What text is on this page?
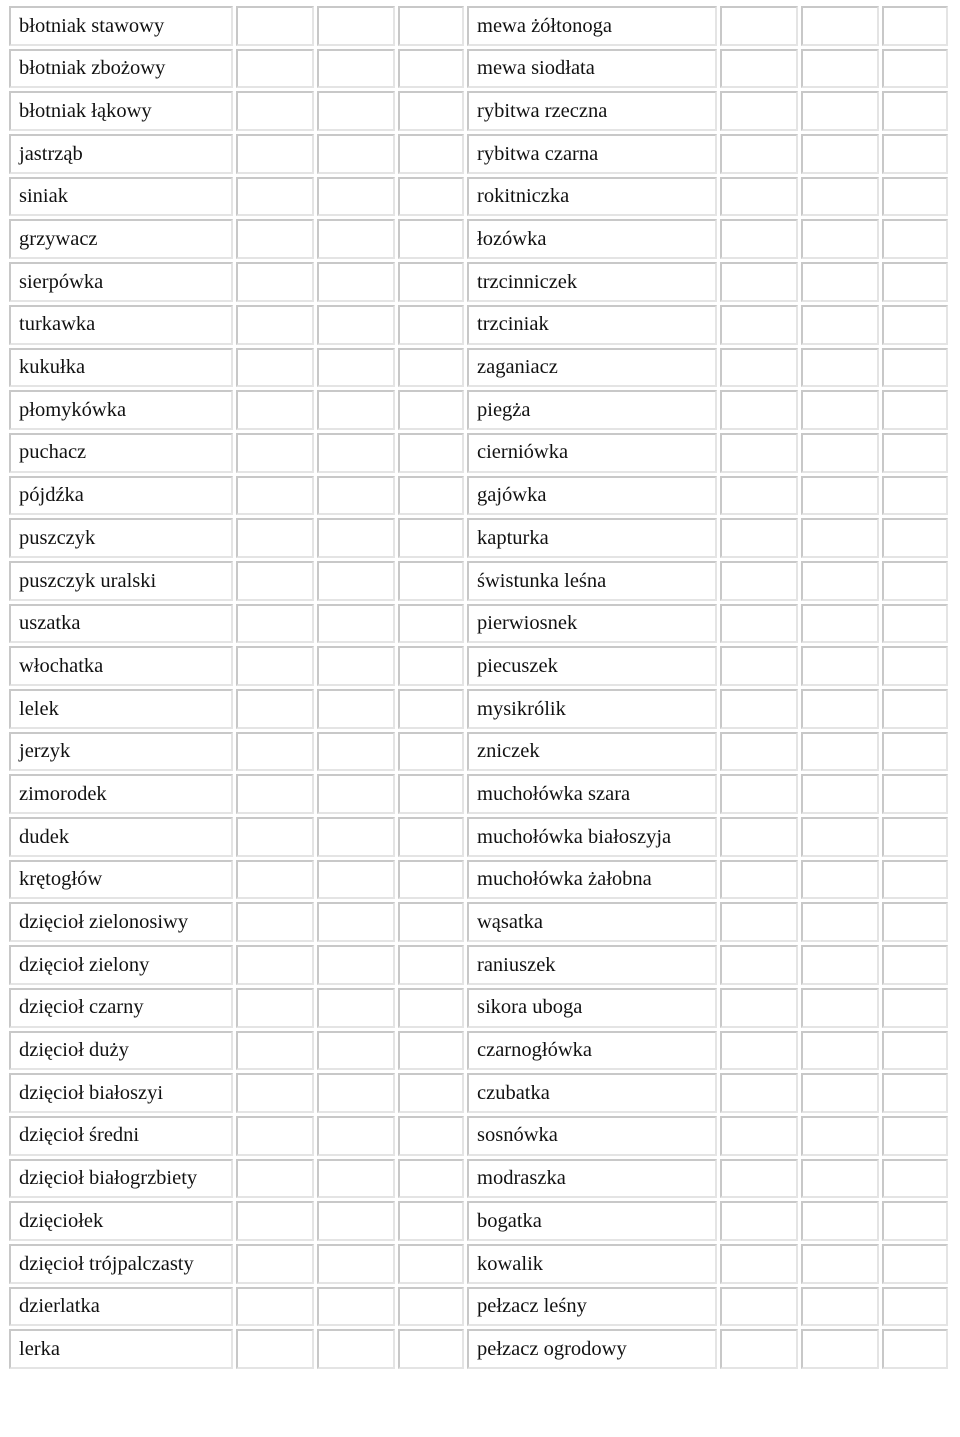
błotniak stawowy				mewa żółtonoga			
błotniak zbożowy				mewa siodłata			
błotniak łąkowy				rybitwa rzeczna			
jastrząb				rybitwa czarna			
siniak				rokitniczka			
grzywacz				łozówka			
sierpówka				trzcinniczek			
turkawka				trzciniak			
kukułka				zaganiacz			
płomykówka				piegża			
puchacz				cierniówka			
pójdźka				gajówka			
puszczyk				kapturka			
puszczyk uralski				świstunka leśna			
uszatka				pierwiosnek			
włochatka				piecuszek			
lelek				mysikrólik			
jerzyk				zniczek			
zimorodek				muchołówka szara			
dudek				muchołówka białoszyja			
krętogłów				muchołówka żałobna			
dzięcioł zielonosiwy				wąsatka			
dzięcioł zielony				raniuszek			
dzięcioł czarny				sikora uboga			
dzięcioł duży				czarnogłówka			
dzięcioł białoszyi				czubatka			
dzięcioł średni				sosnówka			
dzięcioł białogrzbiety				modraszka			
dzięciołek				bogatka			
dzięcioł trójpalczasty				kowalik			
dzierlatka				pełzacz leśny			
lerka				pełzacz ogrodowy			
